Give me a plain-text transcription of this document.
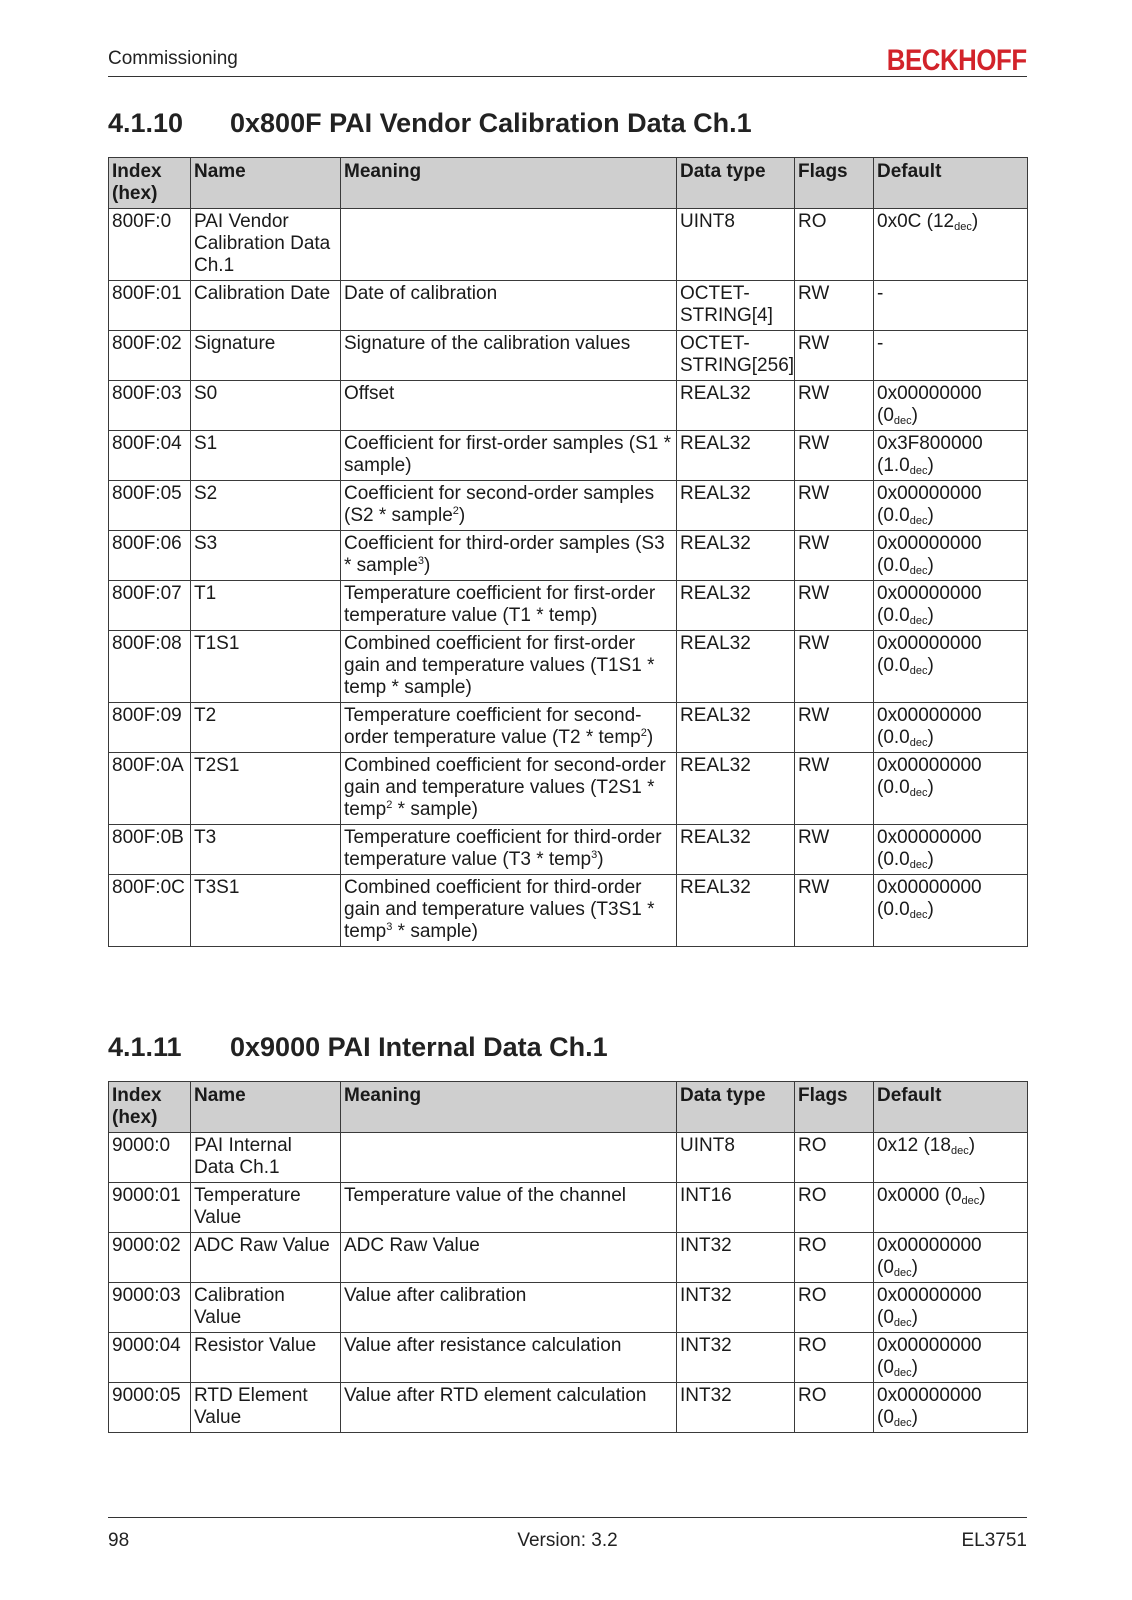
Commissioning	BECKHOFF
4.1.10 0x800F PAI Vendor Calibration Data Ch.1
Index (hex)	Name	Meaning	Data type	Flags	Default
800F:0	PAI Vendor Calibration Data Ch.1		UINT8	RO	0x0C $(12_{dec})$
800F:01	Calibration Date	Date of calibration	OCTET-STRING[4]	RW	-
800F:02	Signature	Signature of the calibration values	OCTET-STRING[256]	RW	-
800F:03	S0	Offset	REAL32	RW	0x00000000 $(0_{dec})$
800F:04	S1	Coefficient for first-order samples (S1 * sample)	REAL32	RW	0x3F800000 $(1.0_{dec})$
800F:05	S2	Coefficient for second-order samples (S2 * sample$^2$)	REAL32	RW	0x00000000 $(0.0_{dec})$
800F:06	S3	Coefficient for third-order samples (S3 * sample$^3$)	REAL32	RW	0x00000000 $(0.0_{dec})$
800F:07	T1	Temperature coefficient for first-order temperature value (T1 * temp)	REAL32	RW	0x00000000 $(0.0_{dec})$
800F:08	T1S1	Combined coefficient for first-order gain and temperature values (T1S1 * temp * sample)	REAL32	RW	0x00000000 $(0.0_{dec})$
800F:09	T2	Temperature coefficient for second-order temperature value (T2 * temp$^2$)	REAL32	RW	0x00000000 $(0.0_{dec})$
800F:0A	T2S1	Combined coefficient for second-order gain and temperature values (T2S1 * temp$^2$ * sample)	REAL32	RW	0x00000000 $(0.0_{dec})$
800F:0B	T3	Temperature coefficient for third-order temperature value (T3 * temp$^3$)	REAL32	RW	0x00000000 $(0.0_{dec})$
800F:0C	T3S1	Combined coefficient for third-order gain and temperature values (T3S1 * temp$^3$ * sample)	REAL32	RW	0x00000000 $(0.0_{dec})$
4.1.11 0x9000 PAI Internal Data Ch.1
Index (hex)	Name	Meaning	Data type	Flags	Default
9000:0	PAI Internal Data Ch.1		UINT8	RO	0x12 $(18_{dec})$
9000:01	Temperature Value	Temperature value of the channel	INT16	RO	0x0000 $(0_{dec})$
9000:02	ADC Raw Value	ADC Raw Value	INT32	RO	0x00000000 $(0_{dec})$
9000:03	Calibration Value	Value after calibration	INT32	RO	0x00000000 $(0_{dec})$
9000:04	Resistor Value	Value after resistance calculation	INT32	RO	0x00000000 $(0_{dec})$
9000:05	RTD Element Value	Value after RTD element calculation	INT32	RO	0x00000000 $(0_{dec})$
98	Version: 3.2	EL3751
